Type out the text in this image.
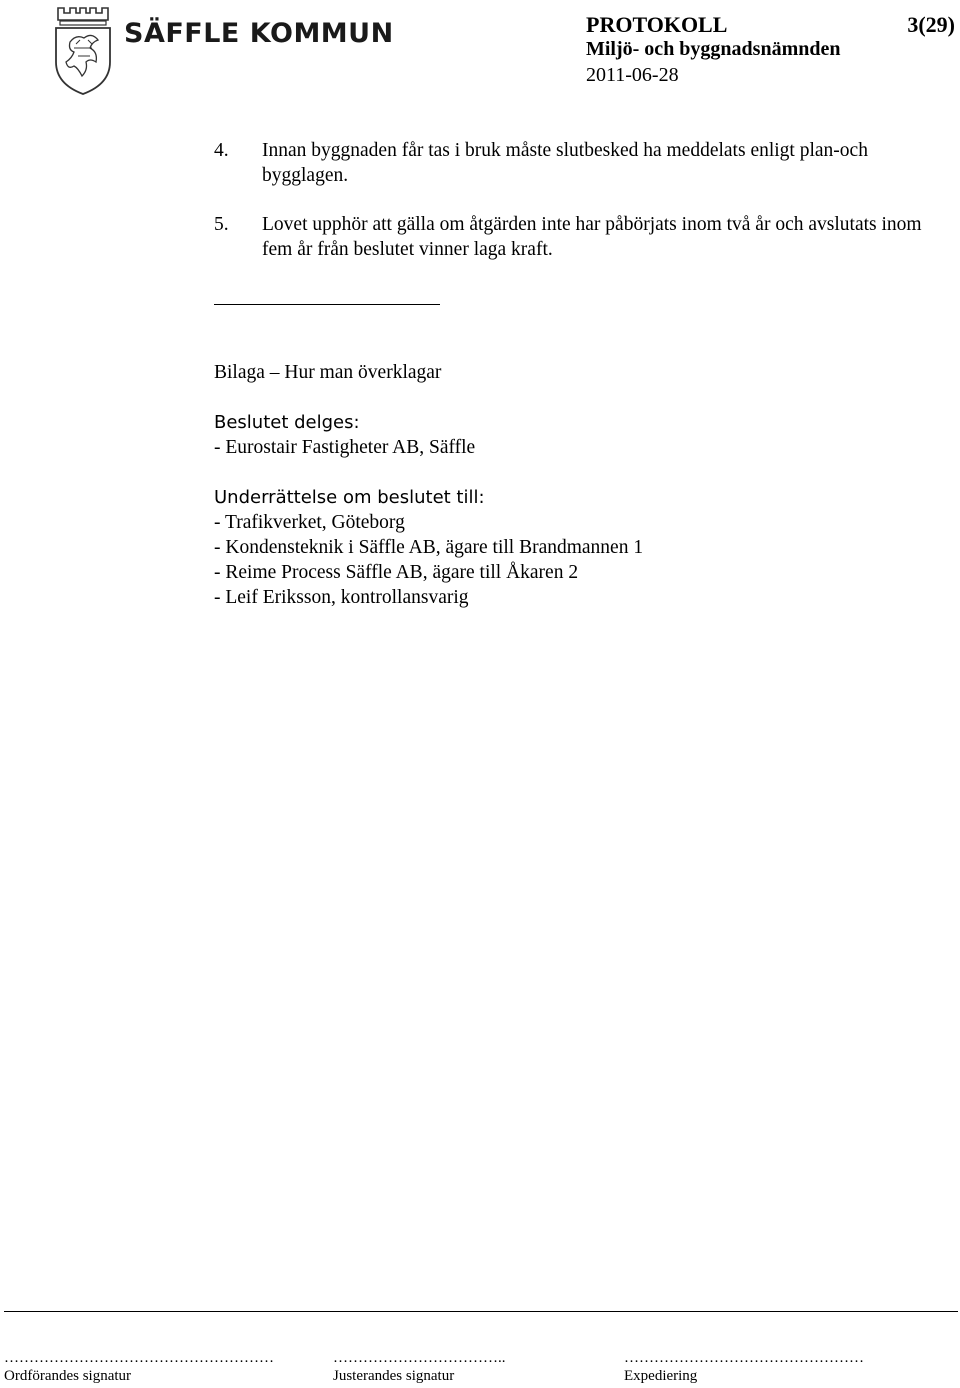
SÄFFLE KOMMUN	PROTOKOLL	3(29)
Miljö- och byggnadsnämnden
2011-06-28
4. Innan byggnaden får tas i bruk måste slutbesked ha meddelats enligt plan-och bygglagen.
5. Lovet upphör att gälla om åtgärden inte har påbörjats inom två år och avslutats inom fem år från beslutet vinner laga kraft.
Bilaga – Hur man överklagar
Beslutet delges:
- Eurostair Fastigheter AB, Säffle
Underrättelse om beslutet till:
- Trafikverket, Göteborg
- Kondensteknik i Säffle AB, ägare till Brandmannen 1
- Reime Process Säffle AB, ägare till Åkaren 2
- Leif Eriksson, kontrollansvarig
………………………………………………
Ordförandes signatur
……………………………..
Justerandes signatur
…………………………………………
Expediering
